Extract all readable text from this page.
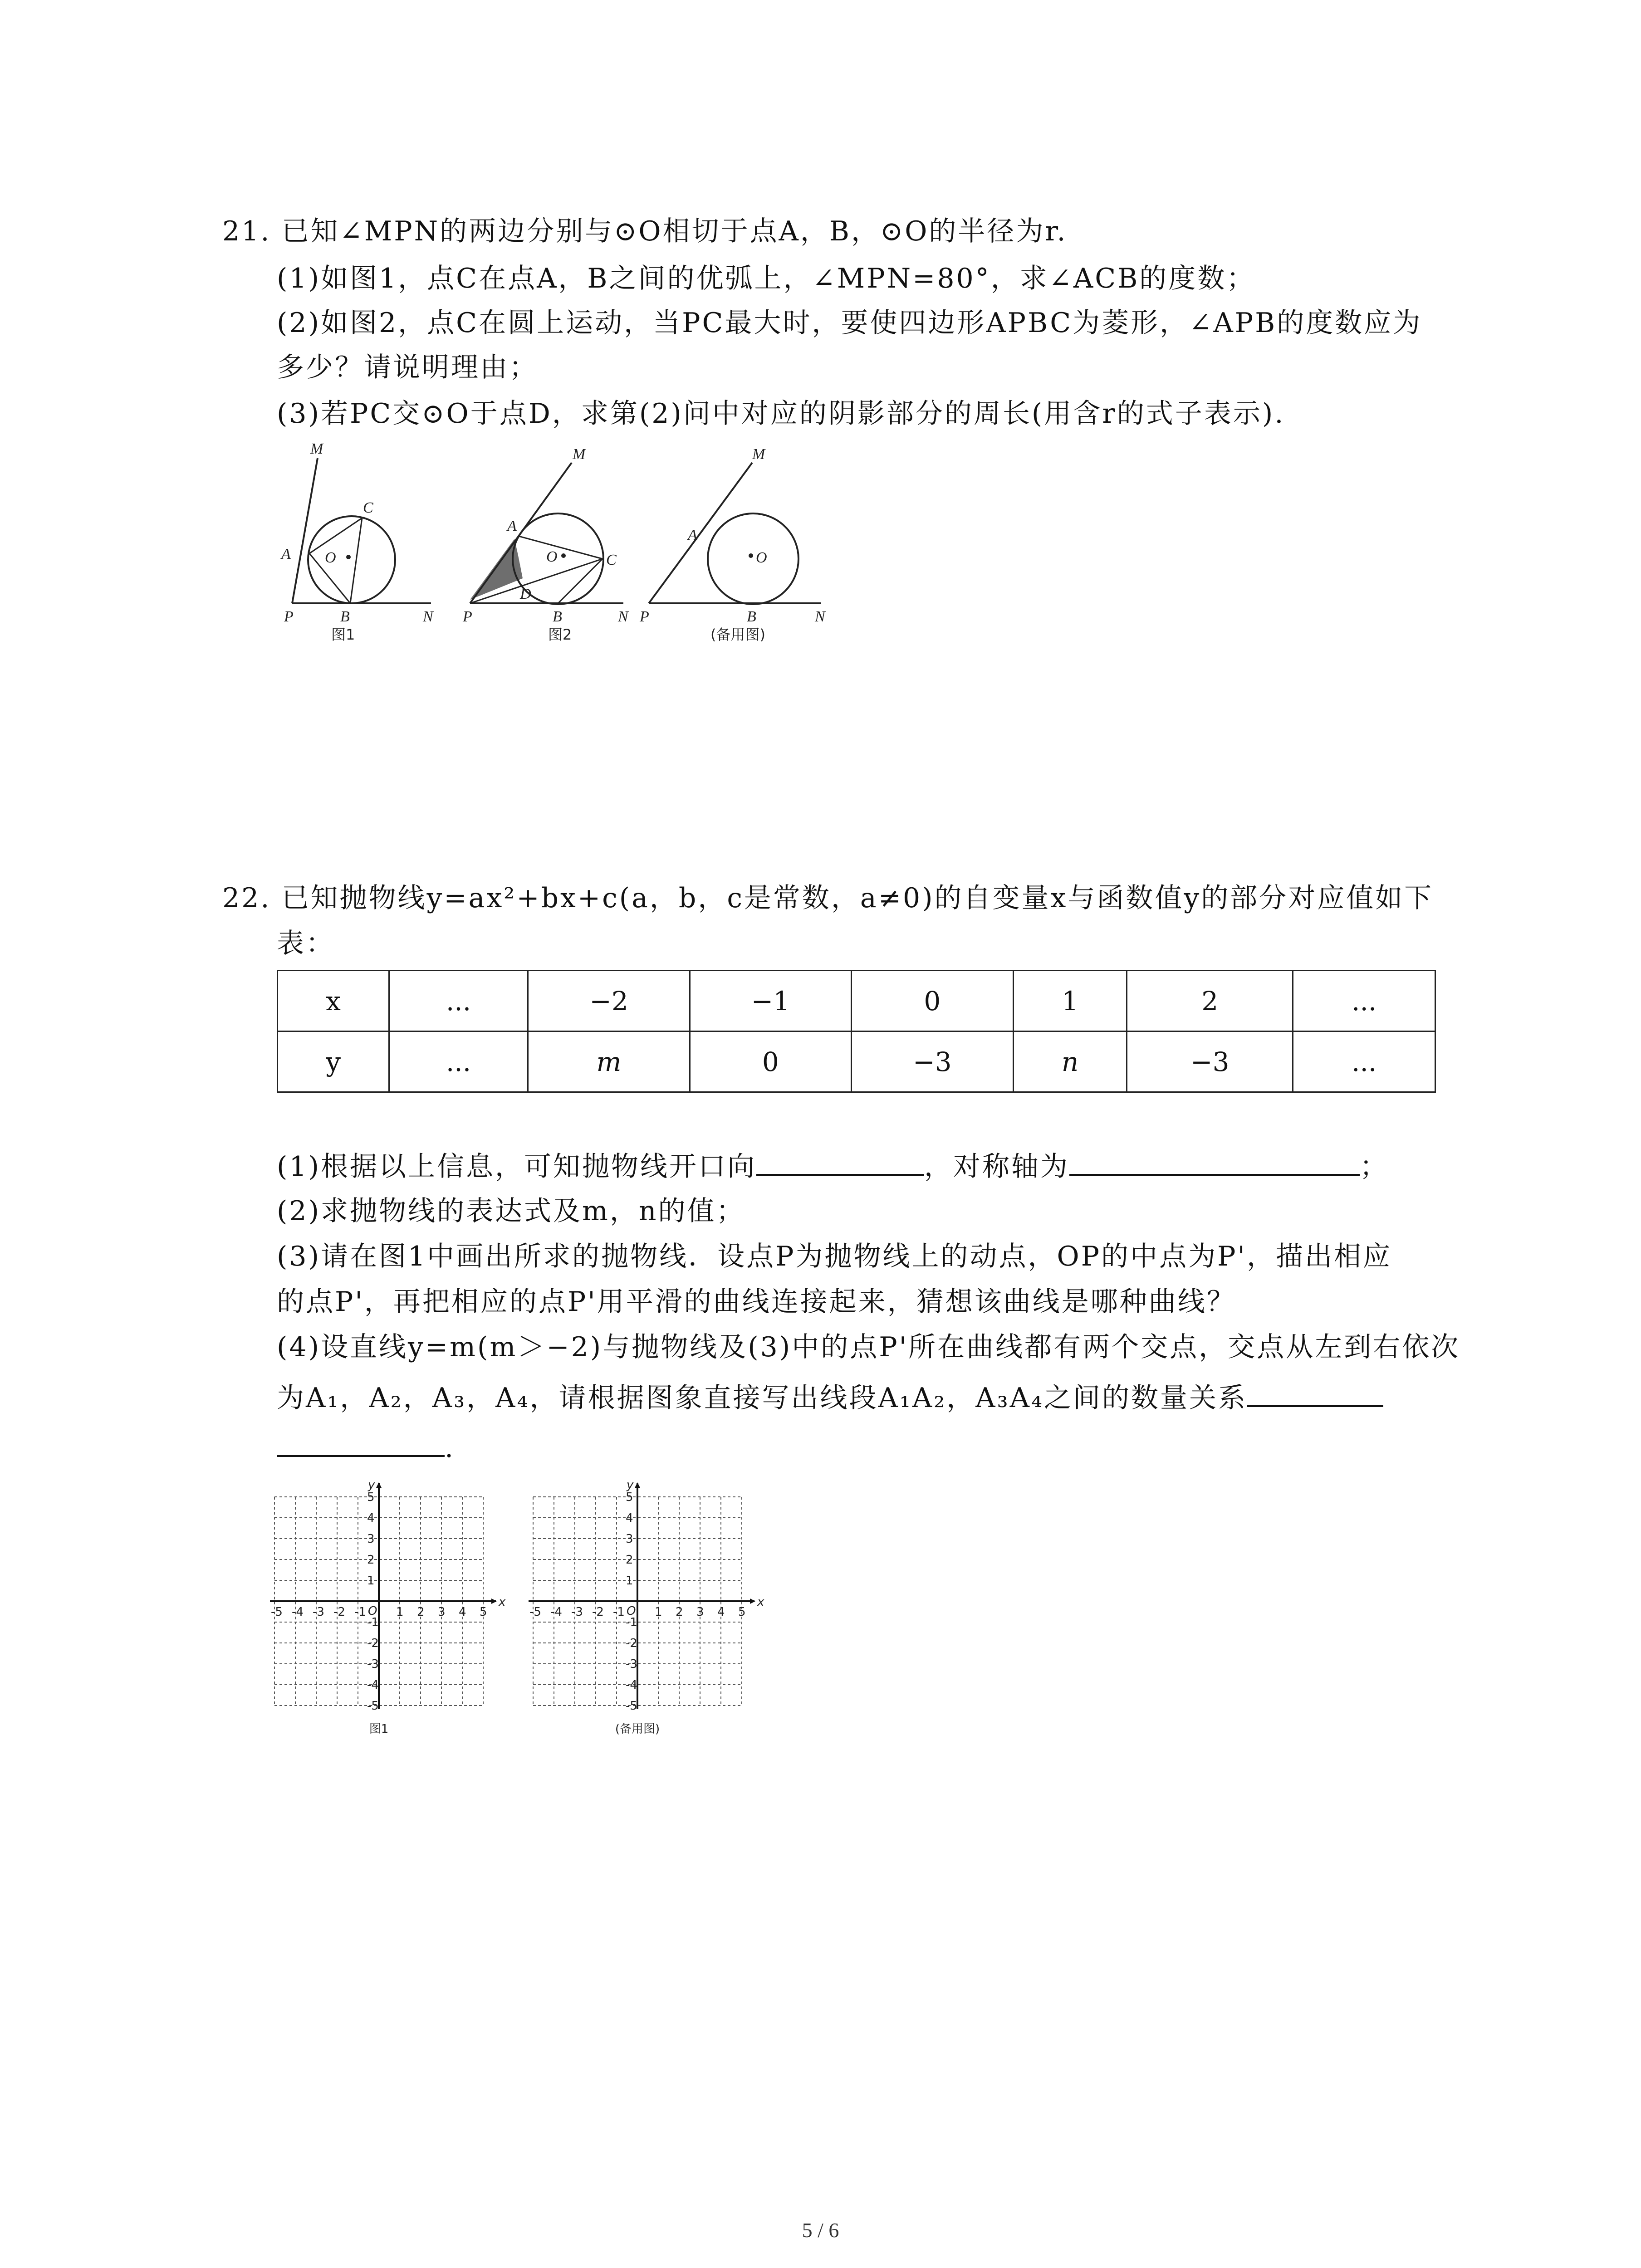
21. 已知∠MPN的两边分别与⊙O相切于点A，B，⊙O的半径为r.
(1)如图1，点C在点A，B之间的优弧上，∠MPN=80°，求∠ACB的度数；
(2)如图2，点C在圆上运动，当PC最大时，要使四边形APBC为菱形，∠APB的度数应为
多少？请说明理由；
(3)若PC交⊙O于点D，求第(2)问中对应的阴影部分的周长(用含r的式子表示).
M
C
A O
P	B	N
图1
M
A
O	C
D
P	B	N
图2
M
A
O
P	B	N
(备用图)
22. 已知抛物线y=ax²+bx+c(a，b，c是常数，a≠0)的自变量x与函数值y的部分对应值如下
表：
x	...	−2	−1	0	1	2	...
y	...	m	0	−3	n	−3	...
(1)根据以上信息，可知抛物线开口向	，对称轴为	；
(2)求抛物线的表达式及m，n的值；
(3)请在图1中画出所求的抛物线．设点P为抛物线上的动点，OP的中点为P'，描出相应
的点P'，再把相应的点P'用平滑的曲线连接起来，猜想该曲线是哪种曲线？
(4)设直线y=m(m＞−2)与抛物线及(3)中的点P'所在曲线都有两个交点，交点从左到右依次
为A₁，A₂，A₃，A₄，请根据图象直接写出线段A₁A₂，A₃A₄之间的数量关系
.
-5 -4 -3 -2 -1	1 2 3 4 5
5
4
3
2
1
-1
-2
-3
-4
-5
O
x
y
图1
-5 -4 -3 -2 -1	1 2 3 4 5
5
4
3
2
1
-1
-2
-3
-4
-5
O
x
y
(备用图)
5 / 6
